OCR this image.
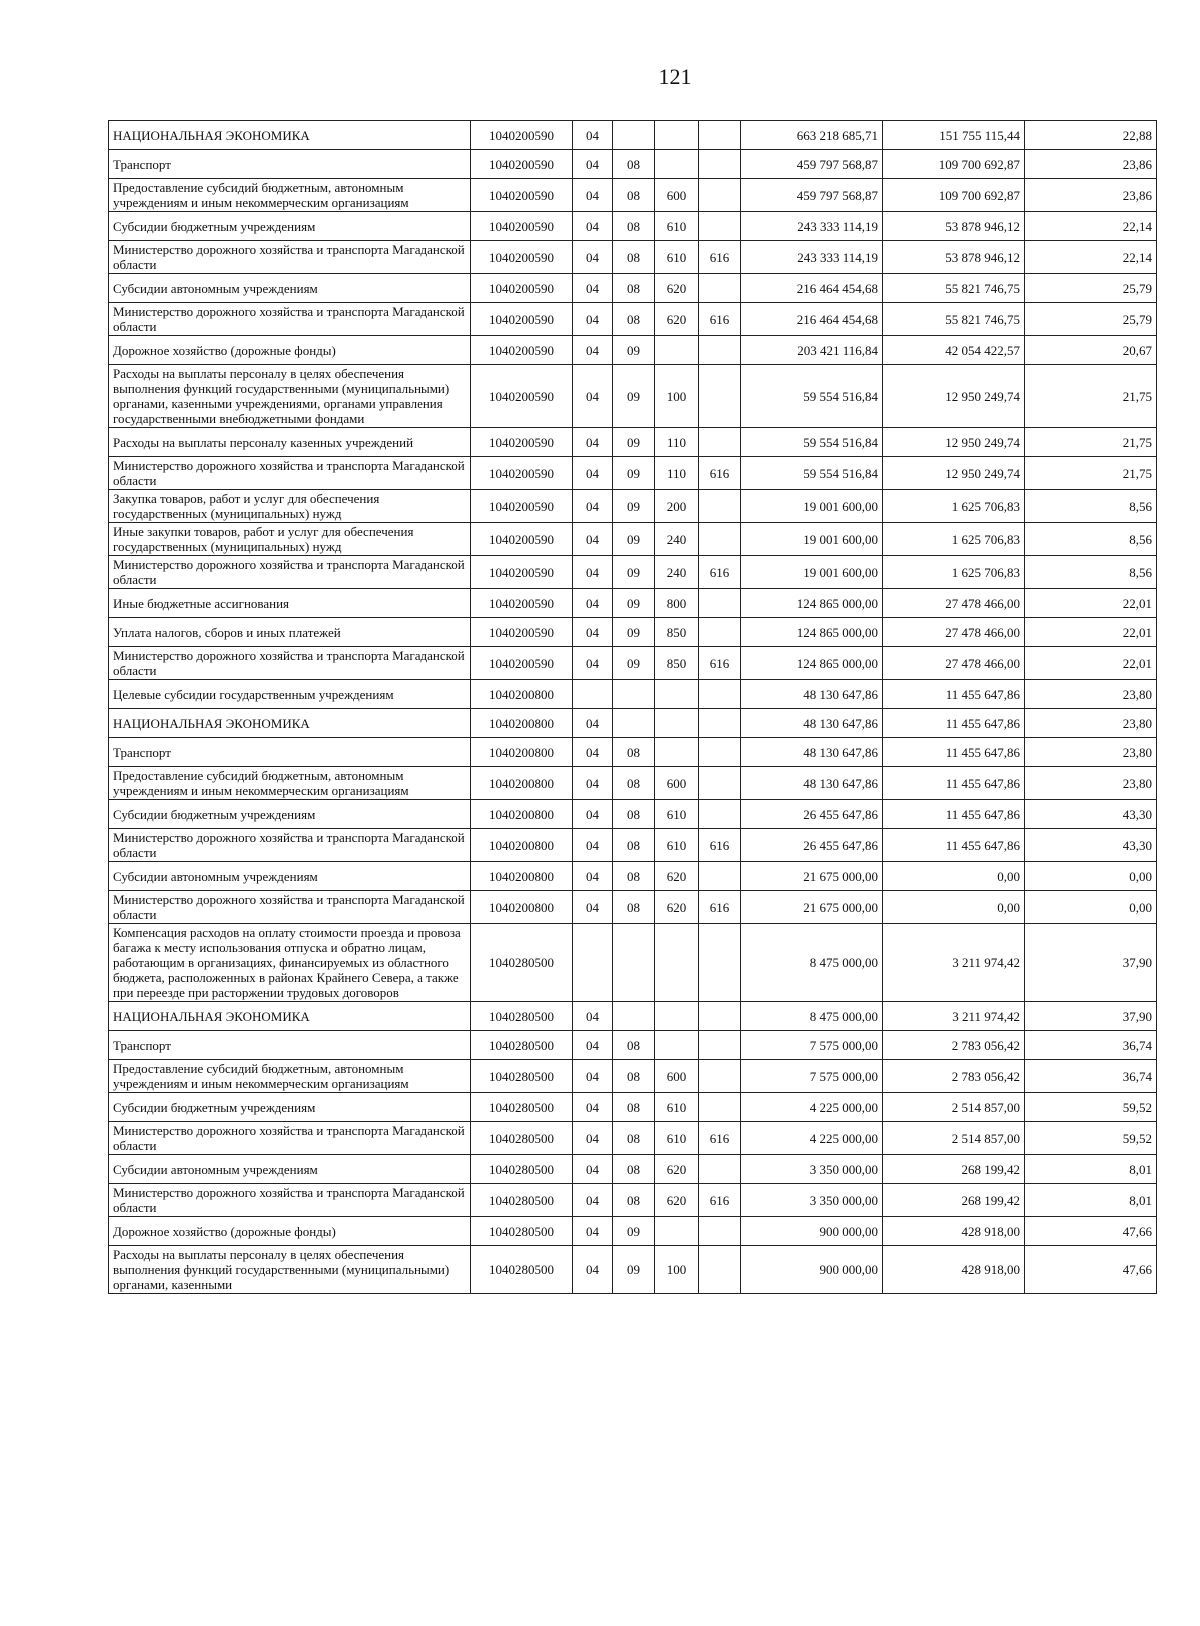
121
НАЦИОНАЛЬНАЯ ЭКОНОМИКА	1040200590	04				663 218 685,71	151 755 115,44	22,88
Транспорт	1040200590	04	08			459 797 568,87	109 700 692,87	23,86
Предоставление субсидий бюджетным, автономным учреждениям и иным некоммерческим организациям	1040200590	04	08	600		459 797 568,87	109 700 692,87	23,86
Субсидии бюджетным учреждениям	1040200590	04	08	610		243 333 114,19	53 878 946,12	22,14
Министерство дорожного хозяйства и транспорта Магаданской области	1040200590	04	08	610	616	243 333 114,19	53 878 946,12	22,14
Субсидии автономным учреждениям	1040200590	04	08	620		216 464 454,68	55 821 746,75	25,79
Министерство дорожного хозяйства и транспорта Магаданской области	1040200590	04	08	620	616	216 464 454,68	55 821 746,75	25,79
Дорожное хозяйство (дорожные фонды)	1040200590	04	09			203 421 116,84	42 054 422,57	20,67
Расходы на выплаты персоналу в целях обеспечения выполнения функций государственными (муниципальными) органами, казенными учреждениями, органами управления государственными внебюджетными фондами	1040200590	04	09	100		59 554 516,84	12 950 249,74	21,75
Расходы на выплаты персоналу казенных учреждений	1040200590	04	09	110		59 554 516,84	12 950 249,74	21,75
Министерство дорожного хозяйства и транспорта Магаданской области	1040200590	04	09	110	616	59 554 516,84	12 950 249,74	21,75
Закупка товаров, работ и услуг для обеспечения государственных (муниципальных) нужд	1040200590	04	09	200		19 001 600,00	1 625 706,83	8,56
Иные закупки товаров, работ и услуг для обеспечения государственных (муниципальных) нужд	1040200590	04	09	240		19 001 600,00	1 625 706,83	8,56
Министерство дорожного хозяйства и транспорта Магаданской области	1040200590	04	09	240	616	19 001 600,00	1 625 706,83	8,56
Иные бюджетные ассигнования	1040200590	04	09	800		124 865 000,00	27 478 466,00	22,01
Уплата налогов, сборов и иных платежей	1040200590	04	09	850		124 865 000,00	27 478 466,00	22,01
Министерство дорожного хозяйства и транспорта Магаданской области	1040200590	04	09	850	616	124 865 000,00	27 478 466,00	22,01
Целевые субсидии государственным учреждениям	1040200800					48 130 647,86	11 455 647,86	23,80
НАЦИОНАЛЬНАЯ ЭКОНОМИКА	1040200800	04				48 130 647,86	11 455 647,86	23,80
Транспорт	1040200800	04	08			48 130 647,86	11 455 647,86	23,80
Предоставление субсидий бюджетным, автономным учреждениям и иным некоммерческим организациям	1040200800	04	08	600		48 130 647,86	11 455 647,86	23,80
Субсидии бюджетным учреждениям	1040200800	04	08	610		26 455 647,86	11 455 647,86	43,30
Министерство дорожного хозяйства и транспорта Магаданской области	1040200800	04	08	610	616	26 455 647,86	11 455 647,86	43,30
Субсидии автономным учреждениям	1040200800	04	08	620		21 675 000,00	0,00	0,00
Министерство дорожного хозяйства и транспорта Магаданской области	1040200800	04	08	620	616	21 675 000,00	0,00	0,00
Компенсация расходов на оплату стоимости проезда и провоза багажа к месту использования отпуска и обратно лицам, работающим в организациях, финансируемых из областного бюджета, расположенных в районах Крайнего Севера, а также при переезде при расторжении трудовых договоров	1040280500					8 475 000,00	3 211 974,42	37,90
НАЦИОНАЛЬНАЯ ЭКОНОМИКА	1040280500	04				8 475 000,00	3 211 974,42	37,90
Транспорт	1040280500	04	08			7 575 000,00	2 783 056,42	36,74
Предоставление субсидий бюджетным, автономным учреждениям и иным некоммерческим организациям	1040280500	04	08	600		7 575 000,00	2 783 056,42	36,74
Субсидии бюджетным учреждениям	1040280500	04	08	610		4 225 000,00	2 514 857,00	59,52
Министерство дорожного хозяйства и транспорта Магаданской области	1040280500	04	08	610	616	4 225 000,00	2 514 857,00	59,52
Субсидии автономным учреждениям	1040280500	04	08	620		3 350 000,00	268 199,42	8,01
Министерство дорожного хозяйства и транспорта Магаданской области	1040280500	04	08	620	616	3 350 000,00	268 199,42	8,01
Дорожное хозяйство (дорожные фонды)	1040280500	04	09			900 000,00	428 918,00	47,66
Расходы на выплаты персоналу в целях обеспечения выполнения функций государственными (муниципальными) органами, казенными	1040280500	04	09	100		900 000,00	428 918,00	47,66
